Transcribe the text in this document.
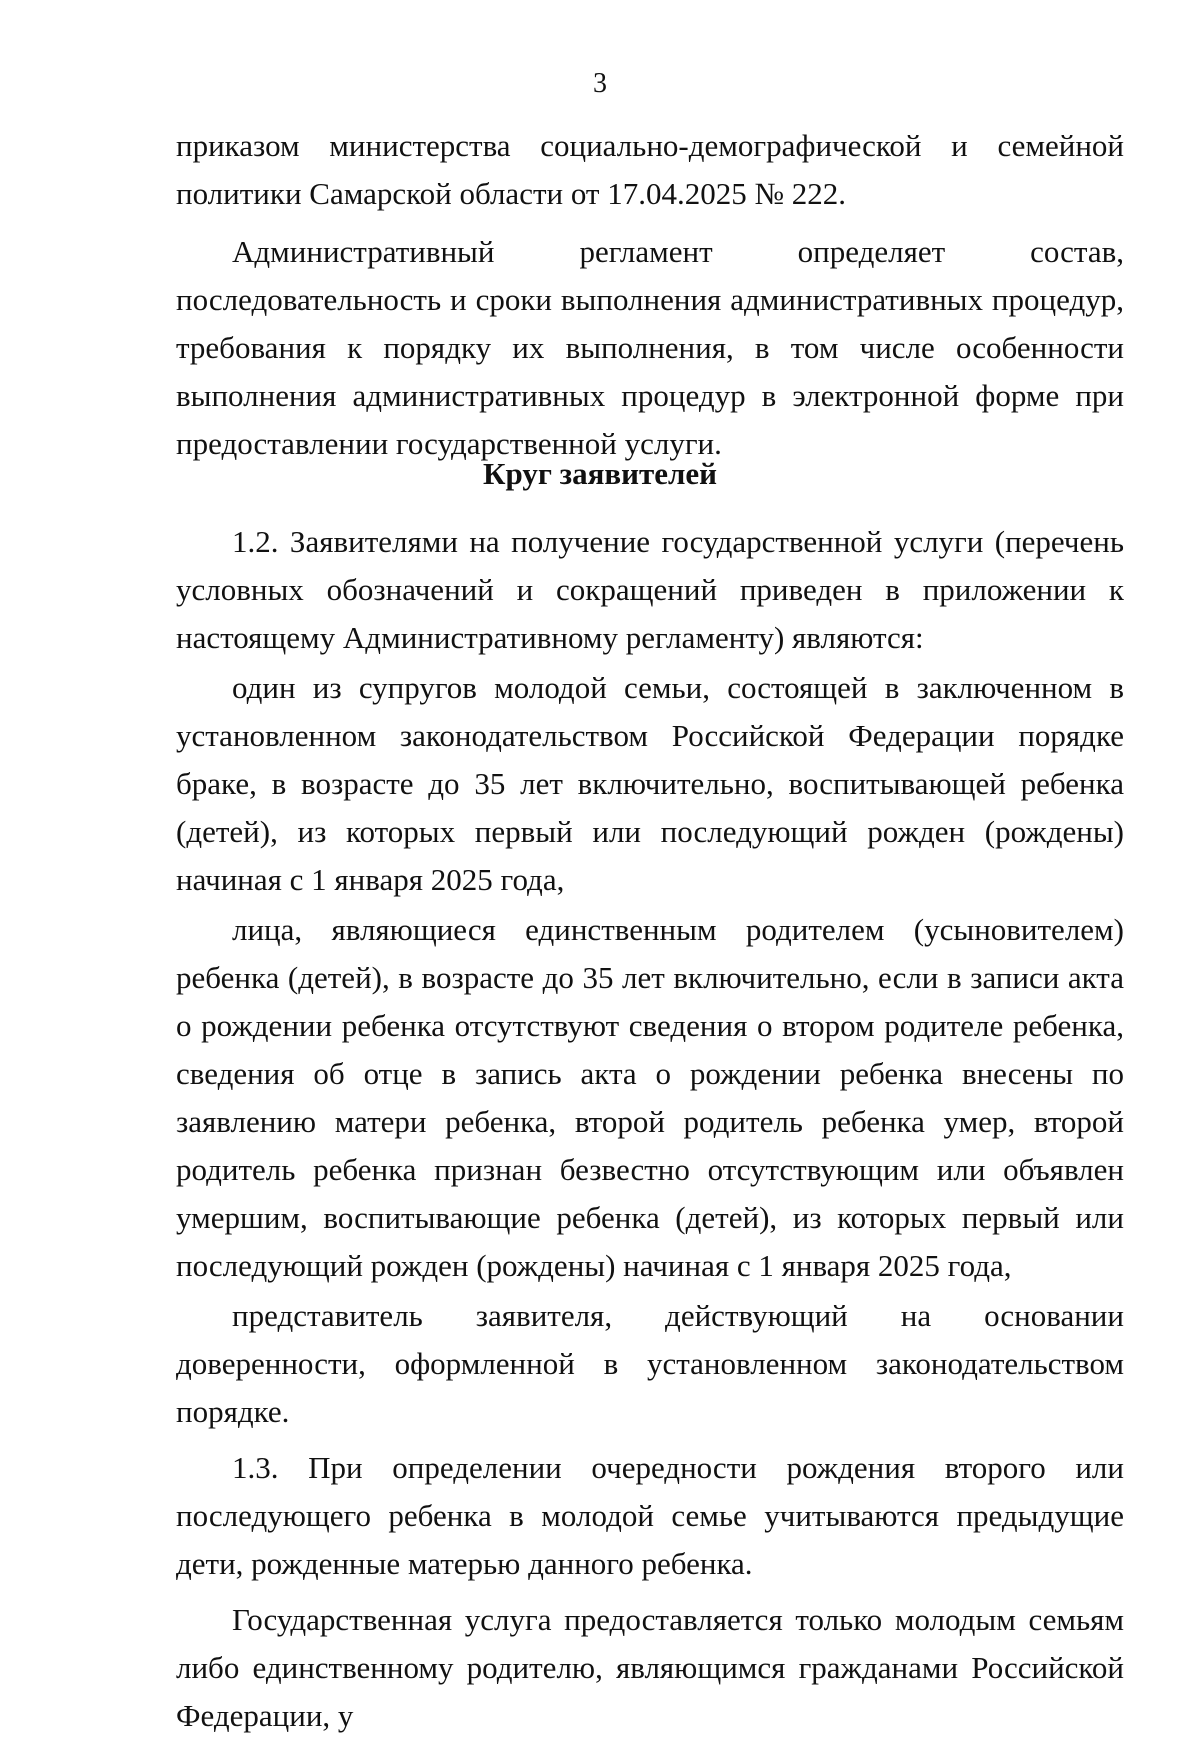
3

приказом министерства социально-демографической и семейной политики Самарской области от 17.04.2025 № 222.

Административный регламент определяет состав, последовательность и сроки выполнения административных процедур, требования к порядку их выполнения, в том числе особенности выполнения административных процедур в электронной форме при предоставлении государственной услуги.

Круг заявителей

1.2. Заявителями на получение государственной услуги (перечень условных обозначений и сокращений приведен в приложении к настоящему Административному регламенту) являются:

один из супругов молодой семьи, состоящей в заключенном в установленном законодательством Российской Федерации порядке браке, в возрасте до 35 лет включительно, воспитывающей ребенка (детей), из которых первый или последующий рожден (рождены) начиная с 1 января 2025 года,

лица, являющиеся единственным родителем (усыновителем) ребенка (детей), в возрасте до 35 лет включительно, если в записи акта о рождении ребенка отсутствуют сведения о втором родителе ребенка, сведения об отце в запись акта о рождении ребенка внесены по заявлению матери ребенка, второй родитель ребенка умер, второй родитель ребенка признан безвестно отсутствующим или объявлен умершим, воспитывающие ребенка (детей), из которых первый или последующий рожден (рождены) начиная с 1 января 2025 года,

представитель заявителя, действующий на основании доверенности, оформленной в установленном законодательством порядке.

1.3. При определении очередности рождения второго или последующего ребенка в молодой семье учитываются предыдущие дети, рожденные матерью данного ребенка.

Государственная услуга предоставляется только молодым семьям либо единственному родителю, являющимся гражданами Российской Федерации, у
